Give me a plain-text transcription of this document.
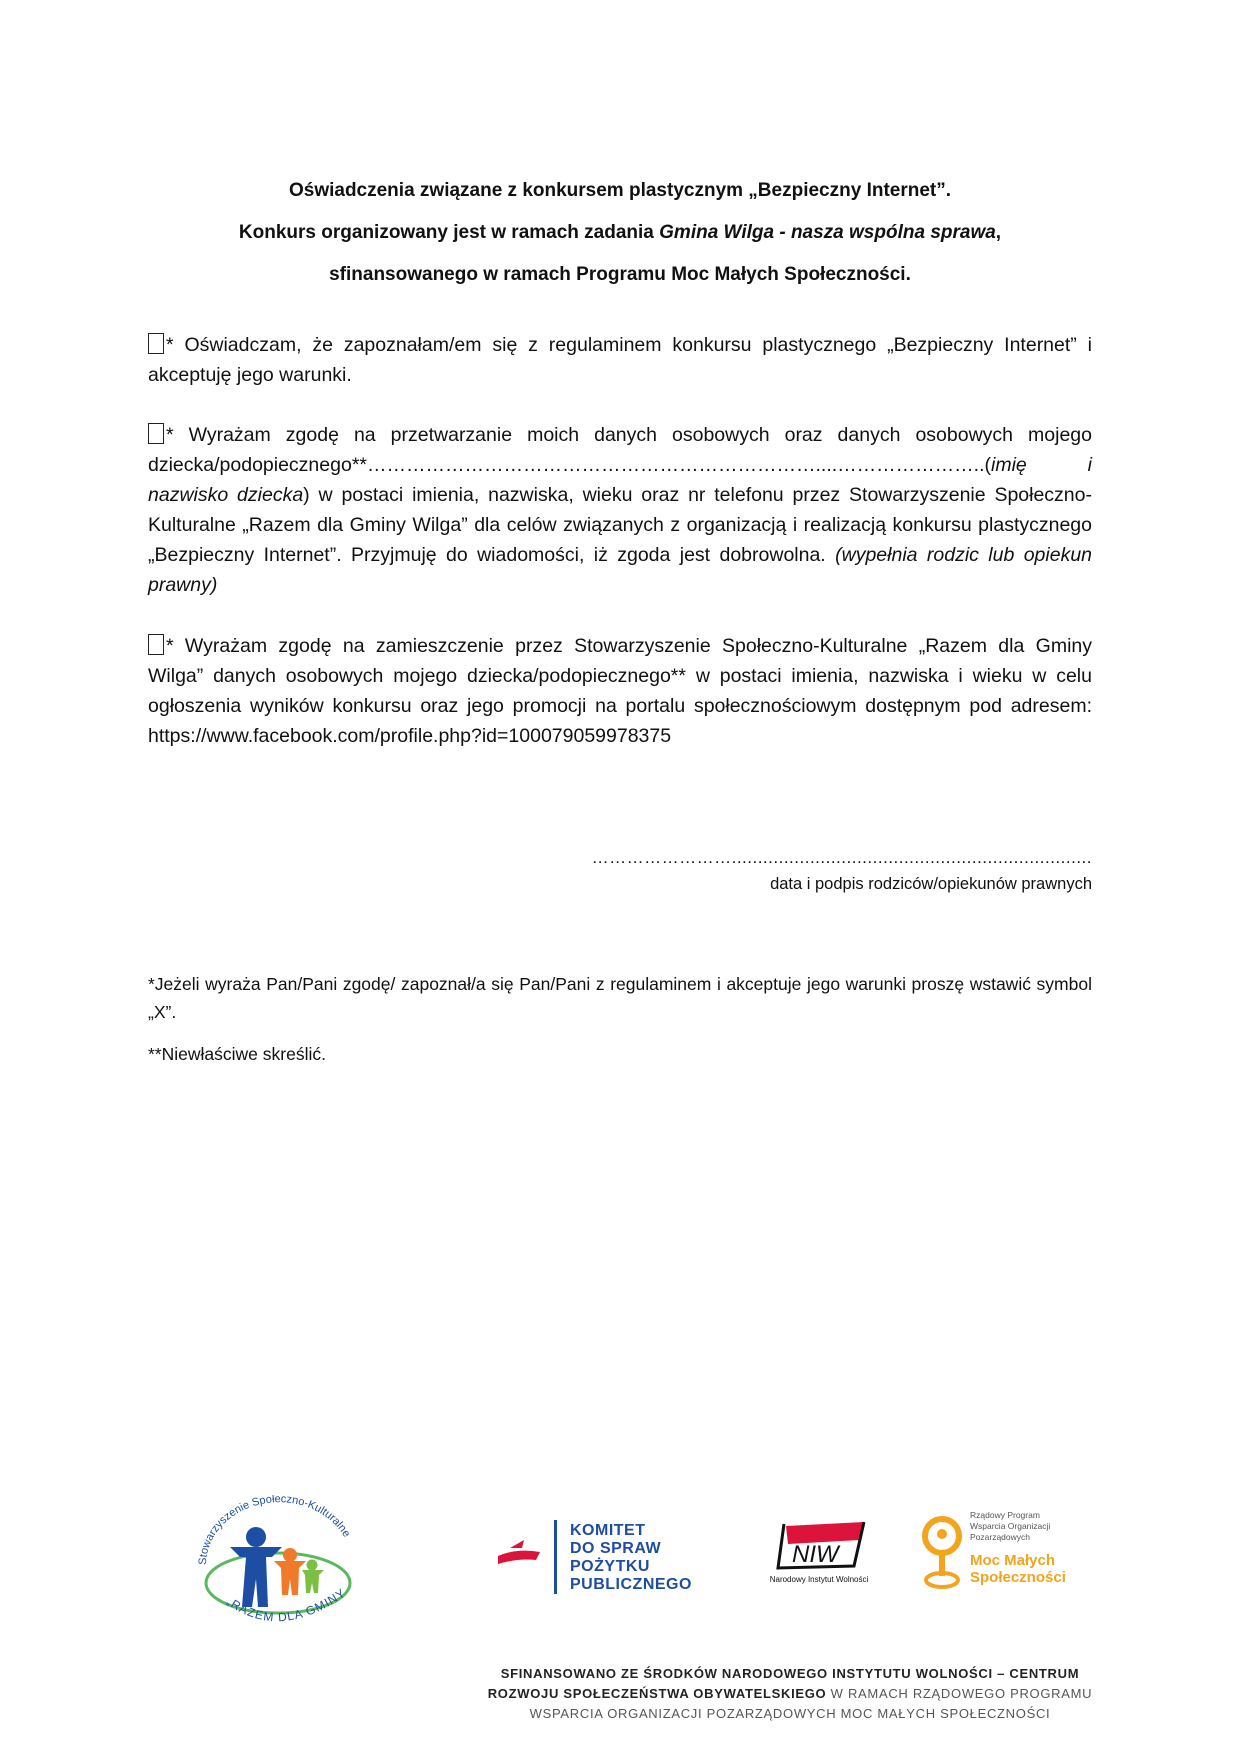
Oświadczenia związane z konkursem plastycznym „Bezpieczny Internet”.
Konkurs organizowany jest w ramach zadania Gmina Wilga - nasza wspólna sprawa,
sfinansowanego w ramach Programu Moc Małych Społeczności.
* Oświadczam, że zapoznałam/em się z regulaminem konkursu plastycznego „Bezpieczny Internet” i akceptuję jego warunki.
* Wyrażam zgodę na przetwarzanie moich danych osobowych oraz danych osobowych mojego dziecka/podopiecznego**……………………………………………………………....…………………..(imię i nazwisko dziecka) w postaci imienia, nazwiska, wieku oraz nr telefonu przez Stowarzyszenie Społeczno-Kulturalne „Razem dla Gminy Wilga” dla celów związanych z organizacją i realizacją konkursu plastycznego „Bezpieczny Internet”. Przyjmuję do wiadomości, iż zgoda jest dobrowolna. (wypełnia rodzic lub opiekun prawny)
* Wyrażam zgodę na zamieszczenie przez Stowarzyszenie Społeczno-Kulturalne „Razem dla Gminy Wilga” danych osobowych mojego dziecka/podopiecznego** w postaci imienia, nazwiska i wieku w celu ogłoszenia wyników konkursu oraz jego promocji na portalu społecznościowym dostępnym pod adresem: https://www.facebook.com/profile.php?id=100079059978375
…………………….....................................................................
data i podpis rodziców/opiekunów prawnych
*Jeżeli wyraża Pan/Pani zgodę/ zapoznał/a się Pan/Pani z regulaminem i akceptuje jego warunki proszę wstawić symbol „X”.
**Niewłaściwe skreślić.
Stowarzyszenie Społeczno-Kulturalne
„RAZEM DLA GMINY
KOMITET
DO SPRAW
POŻYTKU
PUBLICZNEGO
NIW
Narodowy Instytut Wolności
Rządowy Program
Wsparcia Organizacji
Pozarządowych
Moc Małych
Społeczności
SFINANSOWANO ZE ŚRODKÓW NARODOWEGO INSTYTUTU WOLNOŚCI – CENTRUM
ROZWOJU SPOŁECZEŃSTWA OBYWATELSKIEGO W RAMACH RZĄDOWEGO PROGRAMU
WSPARCIA ORGANIZACJI POZARZĄDOWYCH MOC MAŁYCH SPOŁECZNOŚCI
